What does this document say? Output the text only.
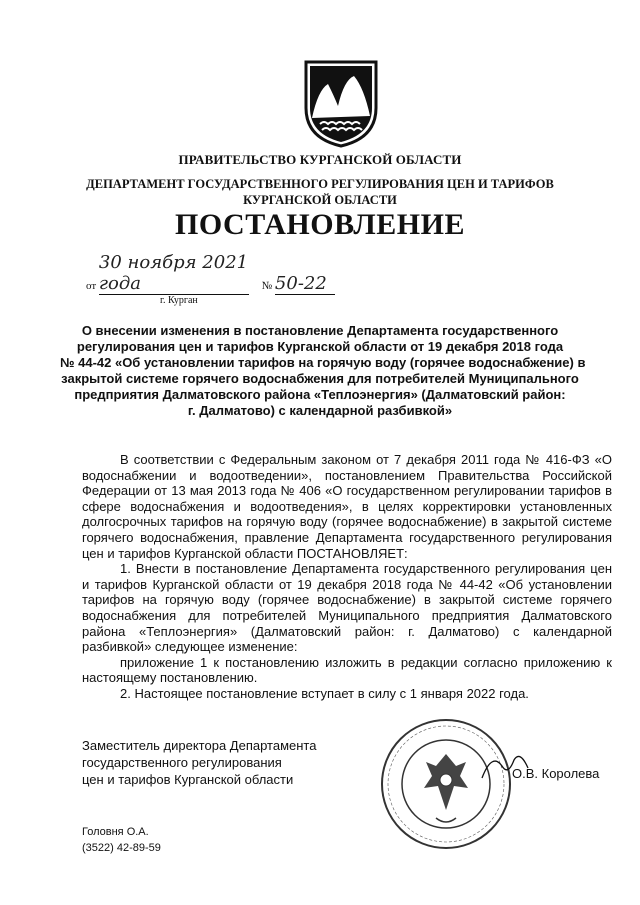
ПРАВИТЕЛЬСТВО КУРГАНСКОЙ ОБЛАСТИ
ДЕПАРТАМЕНТ ГОСУДАРСТВЕННОГО РЕГУЛИРОВАНИЯ ЦЕН И ТАРИФОВ
КУРГАНСКОЙ ОБЛАСТИ
ПОСТАНОВЛЕНИЕ
от 30 ноября 2021 года	№ 50-22
г. Курган
О внесении изменения в постановление Департамента государственного
регулирования цен и тарифов Курганской области от 19 декабря 2018 года
№ 44-42 «Об установлении тарифов на горячую воду (горячее водоснабжение) в
закрытой системе горячего водоснабжения для потребителей Муниципального
предприятия Далматовского района «Теплоэнергия» (Далматовский район:
г. Далматово) с календарной разбивкой»

В соответствии с Федеральным законом от 7 декабря 2011 года № 416-ФЗ «О водоснабжении и водоотведении», постановлением Правительства Российской Федерации от 13 мая 2013 года № 406 «О государственном регулировании тарифов в сфере водоснабжения и водоотведения», в целях корректировки установленных долгосрочных тарифов на горячую воду (горячее водоснабжение) в закрытой системе горячего водоснабжения, правление Департамента государственного регулирования цен и тарифов Курганской области ПОСТАНОВЛЯЕТ:

1. Внести в постановление Департамента государственного регулирования цен и тарифов Курганской области от 19 декабря 2018 года № 44-42 «Об установлении тарифов на горячую воду (горячее водоснабжение) в закрытой системе горячего водоснабжения для потребителей Муниципального предприятия Далматовского района «Теплоэнергия» (Далматовский район: г. Далматово) с календарной разбивкой» следующее изменение:

приложение 1 к постановлению изложить в редакции согласно приложению к настоящему постановлению.

2. Настоящее постановление вступает в силу с 1 января 2022 года.

Заместитель директора Департамента
государственного регулирования
цен и тарифов Курганской области	О.В. Королева
Головня О.А.
(3522) 42-89-59
